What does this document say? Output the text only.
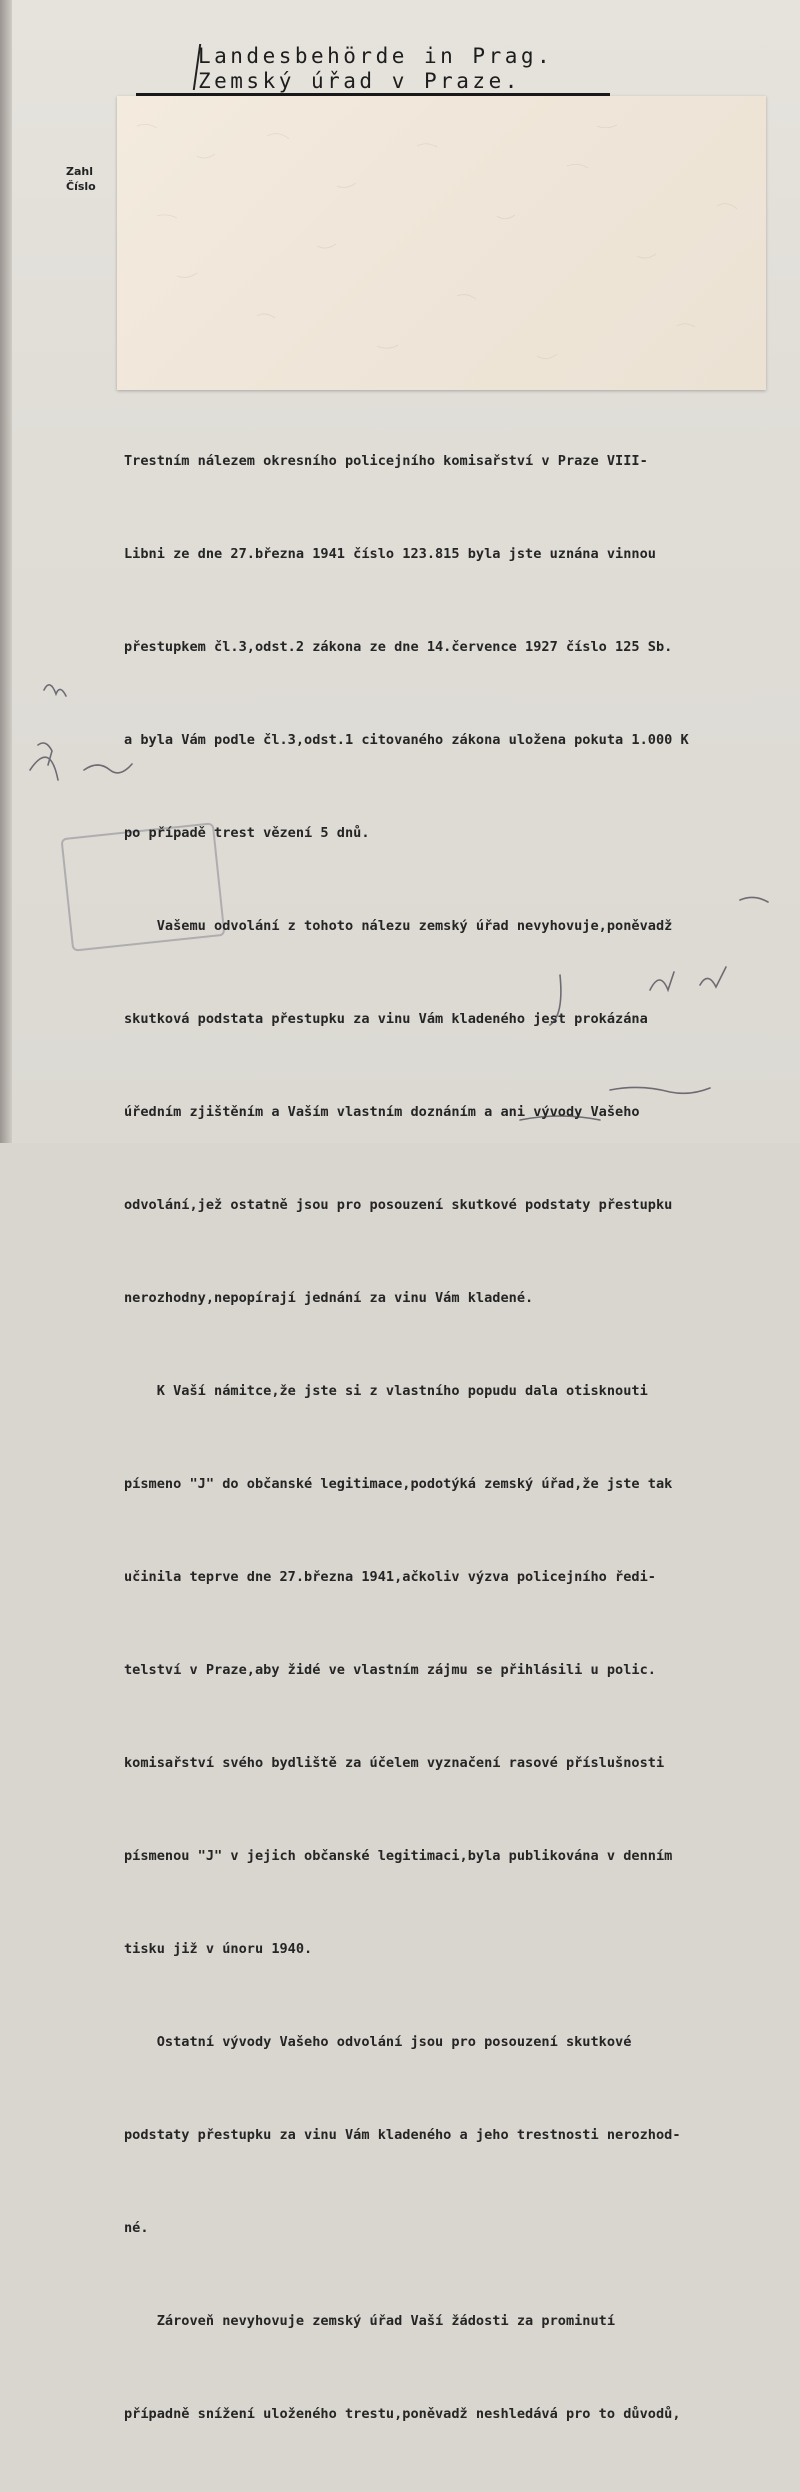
Landesbehörde in Prag.
Zemský úřad v Praze.
Zahl
Číslo

Trestním nálezem okresního policejního komisařství v Praze VIII-

Libni ze dne 27.března 1941 číslo 123.815 byla jste uznána vinnou

přestupkem čl.3,odst.2 zákona ze dne 14.července 1927 číslo 125 Sb.

a byla Vám podle čl.3,odst.1 citovaného zákona uložena pokuta 1.000 K

po případě trest vězení 5 dnů.

Vašemu odvolání z tohoto nálezu zemský úřad nevyhovuje,poněvadž

skutková podstata přestupku za vinu Vám kladeného jest prokázána

úředním zjištěním a Vaším vlastním doznáním a ani vývody Vašeho

odvolání,jež ostatně jsou pro posouzení skutkové podstaty přestupku

nerozhodny,nepopírají jednání za vinu Vám kladené.

K Vaší námitce,že jste si z vlastního popudu dala otisknouti

písmeno "J" do občanské legitimace,podotýká zemský úřad,že jste tak

učinila teprve dne 27.března 1941,ačkoliv výzva policejního ředi-

telství v Praze,aby židé ve vlastním zájmu se přihlásili u polic.

komisařství svého bydliště za účelem vyznačení rasové příslušnosti

písmenou "J" v jejich občanské legitimaci,byla publikována v denním

tisku již v únoru 1940.

Ostatní vývody Vašeho odvolání jsou pro posouzení skutkové

podstaty přestupku za vinu Vám kladeného a jeho trestnosti nerozhod-

né.

Zároveň nevyhovuje zemský úřad Vaší žádosti za prominutí

případně snížení uloženého trestu,poněvadž neshledává pro to důvodů,
